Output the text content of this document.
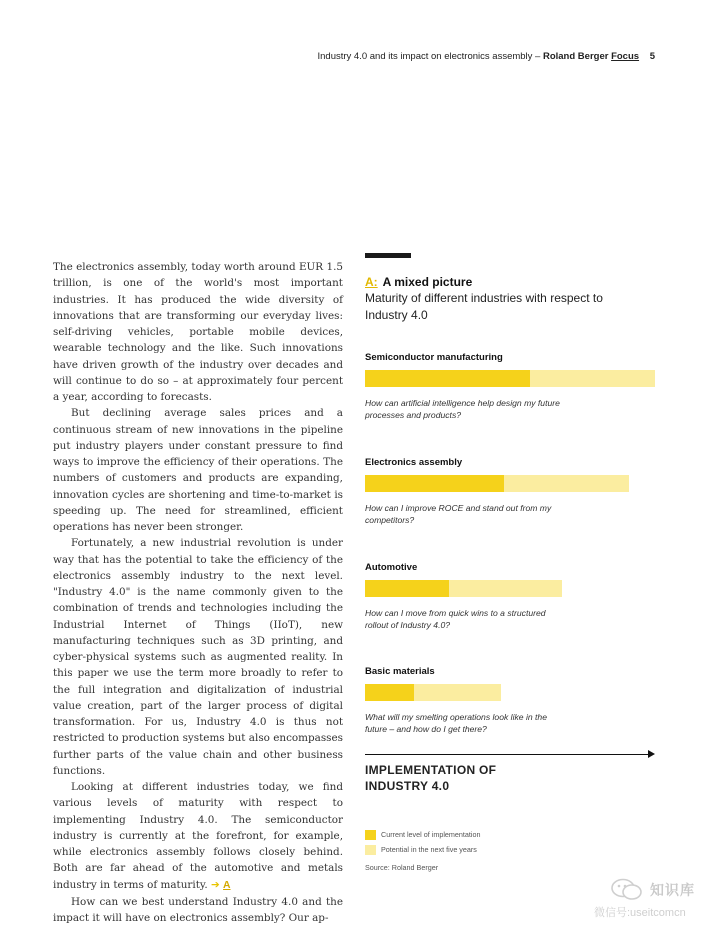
Industry 4.0 and its impact on electronics assembly – Roland Berger Focus 5

The electronics assembly, today worth around EUR 1.5 trillion, is one of the world's most important industries. It has produced the wide diversity of innovations that are transforming our everyday lives: self-driving vehicles, portable mobile devices, wearable technology and the like. Such innovations have driven growth of the industry over decades and will continue to do so – at approximately four percent a year, according to forecasts.

But declining average sales prices and a continuous stream of new innovations in the pipeline put industry players under constant pressure to find ways to improve the efficiency of their operations. The numbers of customers and products are expanding, innovation cycles are shortening and time-to-market is speeding up. The need for streamlined, efficient operations has never been stronger.

Fortunately, a new industrial revolution is under way that has the potential to take the efficiency of the electronics assembly industry to the next level. "Industry 4.0" is the name commonly given to the combination of trends and technologies including the Industrial Internet of Things (IIoT), new manufacturing techniques such as 3D printing, and cyber-physical systems such as augmented reality. In this paper we use the term more broadly to refer to the full integration and digitalization of industrial value creation, part of the larger process of digital transformation. For us, Industry 4.0 is thus not restricted to production systems but also encompasses further parts of the value chain and other business functions.

Looking at different industries today, we find various levels of maturity with respect to implementing Industry 4.0. The semiconductor industry is currently at the forefront, for example, while electronics assembly follows closely behind. Both are far ahead of the automotive and metals industry in terms of maturity. ➔ A

How can we best understand Industry 4.0 and the impact it will have on electronics assembly? Our ap-

A: A mixed picture
Maturity of different industries with respect to Industry 4.0
Semiconductor manufacturing
How can artificial intelligence help design my future processes and products?
Electronics assembly
How can I improve ROCE and stand out from my competitors?
Automotive
How can I move from quick wins to a structured rollout of Industry 4.0?
Basic materials
What will my smelting operations look like in the future – and how do I get there?
IMPLEMENTATION OF INDUSTRY 4.0
Current level of implementation
Potential in the next five years
Source: Roland Berger
知识库
微信号:useitcomcn
